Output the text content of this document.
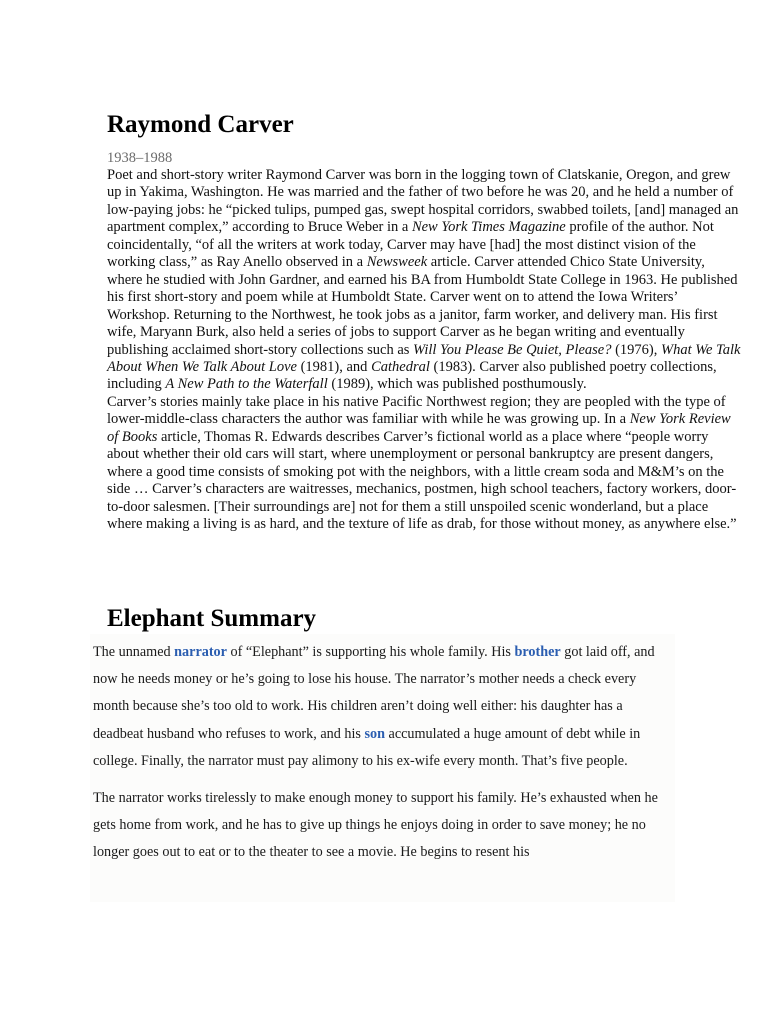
Raymond Carver
1938–1988

Poet and short-story writer Raymond Carver was born in the logging town of Clatskanie, Oregon, and grew up in Yakima, Washington. He was married and the father of two before he was 20, and he held a number of low-paying jobs: he “picked tulips, pumped gas, swept hospital corridors, swabbed toilets, [and] managed an apartment complex,” according to Bruce Weber in a New York Times Magazine profile of the author. Not coincidentally, “of all the writers at work today, Carver may have [had] the most distinct vision of the working class,” as Ray Anello observed in a Newsweek article. Carver attended Chico State University, where he studied with John Gardner, and earned his BA from Humboldt State College in 1963. He published his first short-story and poem while at Humboldt State. Carver went on to attend the Iowa Writers’ Workshop. Returning to the Northwest, he took jobs as a janitor, farm worker, and delivery man. His first wife, Maryann Burk, also held a series of jobs to support Carver as he began writing and eventually publishing acclaimed short-story collections such as Will You Please Be Quiet, Please? (1976), What We Talk About When We Talk About Love (1981), and Cathedral (1983). Carver also published poetry collections, including A New Path to the Waterfall (1989), which was published posthumously.

Carver’s stories mainly take place in his native Pacific Northwest region; they are peopled with the type of lower-middle-class characters the author was familiar with while he was growing up. In a New York Review of Books article, Thomas R. Edwards describes Carver’s fictional world as a place where “people worry about whether their old cars will start, where unemployment or personal bankruptcy are present dangers, where a good time consists of smoking pot with the neighbors, with a little cream soda and M&M’s on the side … Carver’s characters are waitresses, mechanics, postmen, high school teachers, factory workers, door-to-door salesmen. [Their surroundings are] not for them a still unspoiled scenic wonderland, but a place where making a living is as hard, and the texture of life as drab, for those without money, as anywhere else.”

Elephant Summary

The unnamed narrator of “Elephant” is supporting his whole family. His brother got laid off, and now he needs money or he’s going to lose his house. The narrator’s mother needs a check every month because she’s too old to work. His children aren’t doing well either: his daughter has a deadbeat husband who refuses to work, and his son accumulated a huge amount of debt while in college. Finally, the narrator must pay alimony to his ex-wife every month. That’s five people.

The narrator works tirelessly to make enough money to support his family. He’s exhausted when he gets home from work, and he has to give up things he enjoys doing in order to save money; he no longer goes out to eat or to the theater to see a movie. He begins to resent his
